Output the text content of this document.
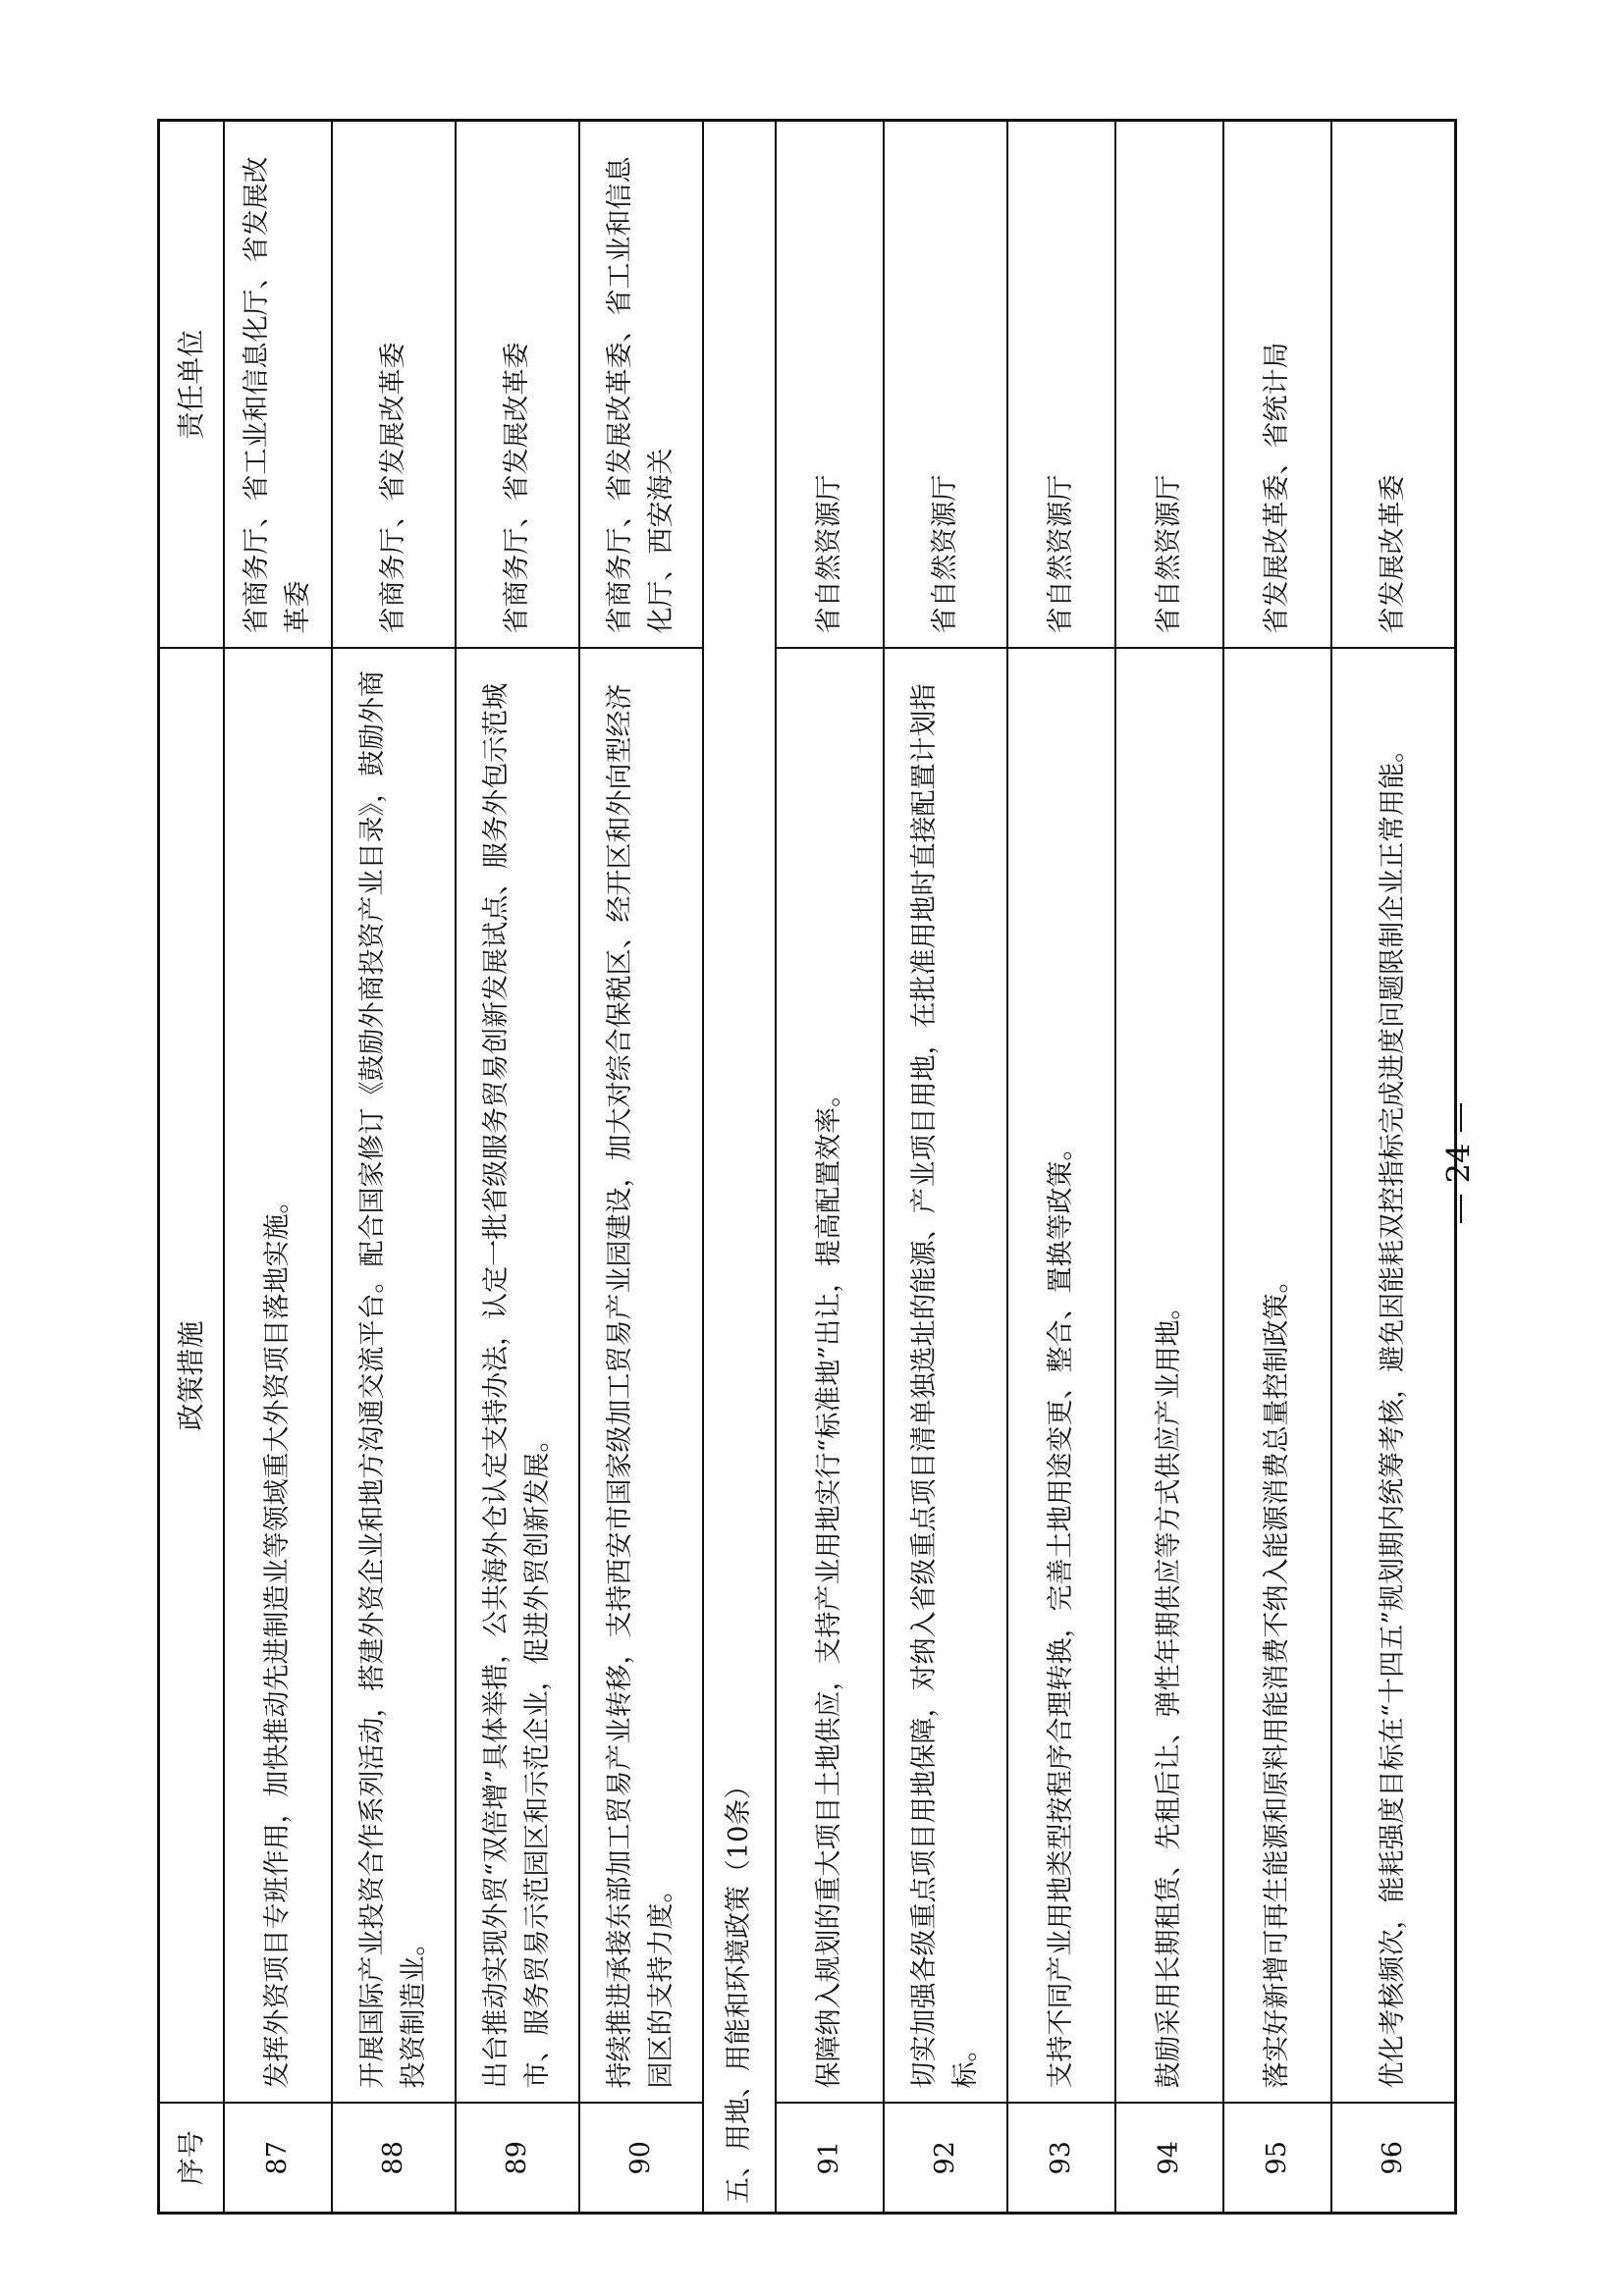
序号	政策措施	责任单位
87	发挥外资项目专班作用，加快推动先进制造业等领域重大外资项目落地实施。	省商务厅、省工业和信息化厅、省发展改革委
88	开展国际产业投资合作系列活动，搭建外资企业和地方沟通交流平台。配合国家修订《鼓励外商投资产业目录》，鼓励外商投资制造业。	省商务厅、省发展改革委
89	出台推动实现外贸“双倍增”具体举措，公共海外仓认定支持办法，认定一批省级服务贸易创新发展试点、服务外包示范城市、服务贸易示范园区和示范企业，促进外贸创新发展。	省商务厅、省发展改革委
90	持续推进承接东部加工贸易产业转移，支持西安市国家级加工贸易产业园建设，加大对综合保税区、经开区和外向型经济园区的支持力度。	省商务厅、省发展改革委、省工业和信息化厅、西安海关
五、用地、用能和环境政策（10条）		
91	保障纳入规划的重大项目土地供应，支持产业用地实行“标准地”出让，提高配置效率。	省自然资源厅
92	切实加强各级重点项目用地保障，对纳入省级重点项目清单独选址的能源、产业项目用地，在批准用地时直接配置计划指标。	省自然资源厅
93	支持不同产业用地类型按程序合理转换，完善土地用途变更、整合、置换等政策。	省自然资源厅
94	鼓励采用长期租赁、先租后让、弹性年期供应等方式供应产业用地。	省自然资源厅
95	落实好新增可再生能源和原料用能消费不纳入能源消费总量控制政策。	省发展改革委、省统计局
96	优化考核频次，能耗强度目标在“十四五”规划期内统筹考核，避免因能耗双控指标完成进度问题限制企业正常用能。	省发展改革委
— 24 —
